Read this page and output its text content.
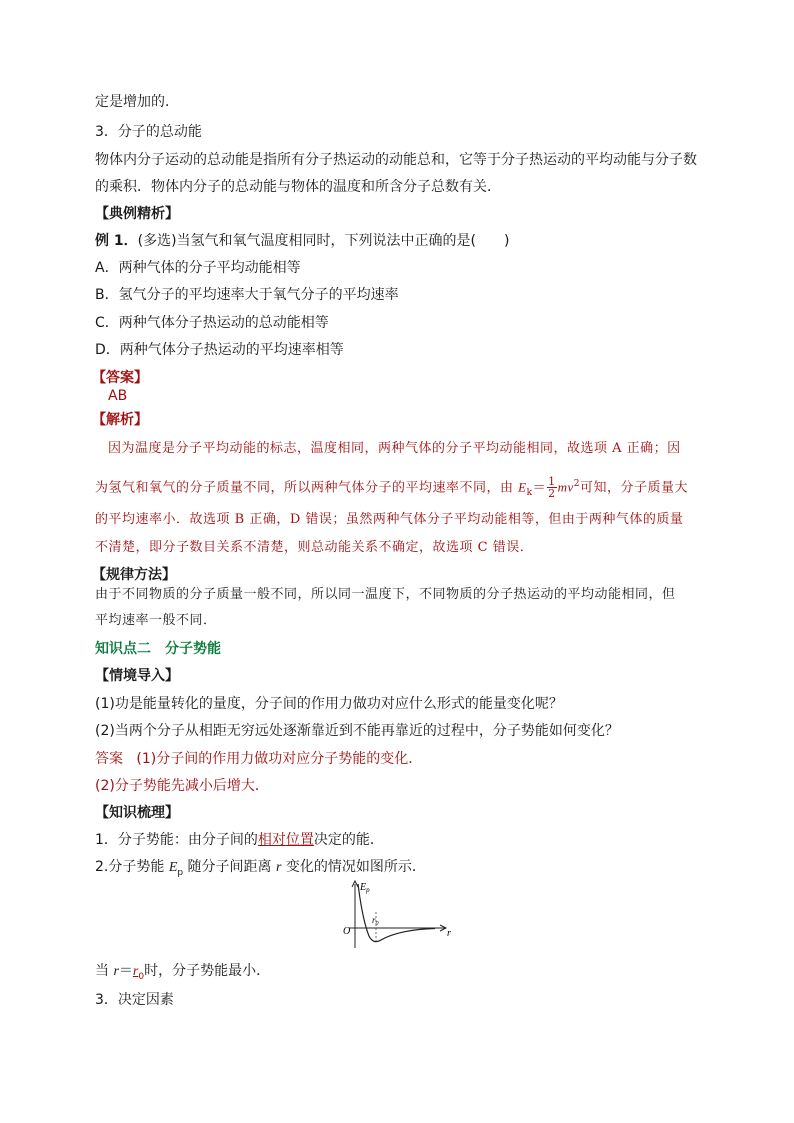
定是增加的．
3．分子的总动能
物体内分子运动的总动能是指所有分子热运动的动能总和，它等于分子热运动的平均动能与分子数
的乘积．物体内分子的总动能与物体的温度和所含分子总数有关．
【典例精析】
例 1．(多选)当氢气和氧气温度相同时，下列说法中正确的是(　　)
A．两种气体的分子平均动能相等
B．氢气分子的平均速率大于氧气分子的平均速率
C．两种气体分子热运动的总动能相等
D．两种气体分子热运动的平均速率相等
【答案】
AB
【解析】
因为温度是分子平均动能的标志，温度相同，两种气体的分子平均动能相同，故选项 A 正确；因
为氢气和氧气的分子质量不同，所以两种气体分子的平均速率不同，由 $E_k= \frac{1}{2} mv^2$可知，分子质量大
的平均速率小．故选项 B 正确，D 错误；虽然两种气体分子平均动能相等，但由于两种气体的质量
不清楚，即分子数目关系不清楚，则总动能关系不确定，故选项 C 错误．
【规律方法】
由于不同物质的分子质量一般不同，所以同一温度下，不同物质的分子热运动的平均动能相同，但
平均速率一般不同．
知识点二　分子势能
【情境导入】
(1)功是能量转化的量度，分子间的作用力做功对应什么形式的能量变化呢？
(2)当两个分子从相距无穷远处逐渐靠近到不能再靠近的过程中，分子势能如何变化？
答案 (1)分子间的作用力做功对应分子势能的变化．
(2)分子势能先减小后增大．
【知识梳理】
1．分子势能：由分子间的相对位置决定的能．
2.分子势能 $E_p$ 随分子间距离 r 变化的情况如图所示．
$E_p$
O	r
$r_0$
当 $r=r_0$时，分子势能最小．
3．决定因素
